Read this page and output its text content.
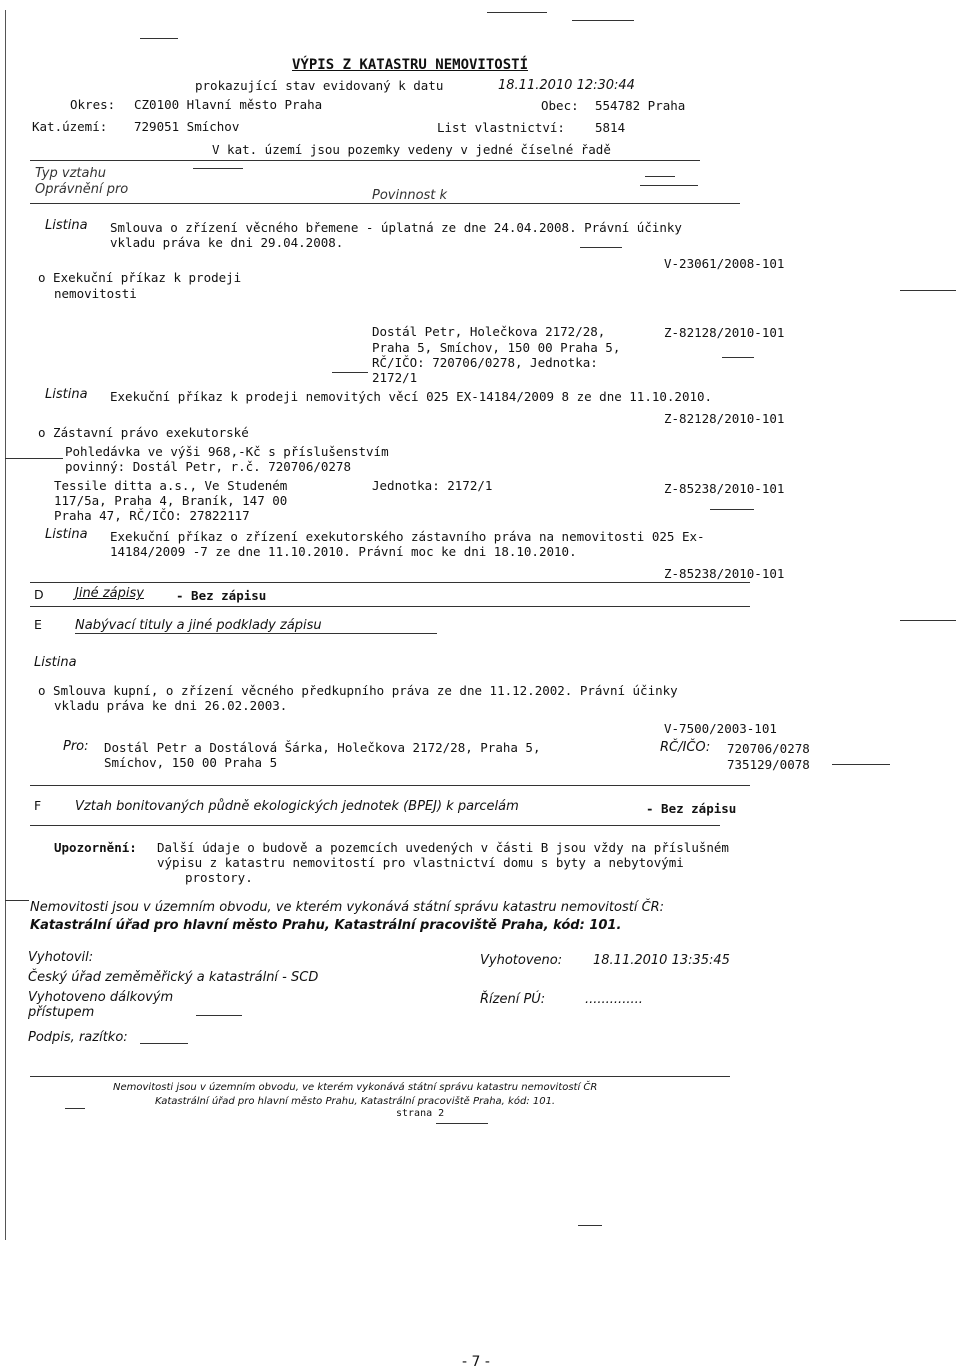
VÝPIS Z KATASTRU NEMOVITOSTÍ
prokazující stav evidovaný k datu	18.11.2010 12:30:44
Okres: CZ0100 Hlavní město Praha	Obec: 554782 Praha
Kat.území: 729051 Smíchov	List vlastnictví: 5814
V kat. území jsou pozemky vedeny v jedné číselné řadě
Typ vztahu
Oprávnění pro	Povinnost k
Listina Smlouva o zřízení věcného břemene - úplatná ze dne 24.04.2008. Právní účinky
vkladu práva ke dni 29.04.2008.
V-23061/2008-101
o Exekuční příkaz k prodeji
nemovitosti
Dostál Petr, Holečkova 2172/28,	Z-82128/2010-101
Praha 5, Smíchov, 150 00 Praha 5,
RČ/IČO: 720706/0278, Jednotka:
2172/1
Listina Exekuční příkaz k prodeji nemovitých věcí 025 EX-14184/2009 8 ze dne 11.10.2010.
Z-82128/2010-101
o Zástavní právo exekutorské
Pohledávka ve výši 968,-Kč s příslušenstvím
povinný: Dostál Petr, r.č. 720706/0278
Tessile ditta a.s., Ve Studeném	Jednotka: 2172/1	Z-85238/2010-101
117/5a, Praha 4, Braník, 147 00
Praha 47, RČ/IČO: 27822117
Listina Exekuční příkaz o zřízení exekutorského zástavního práva na nemovitosti 025 Ex-
14184/2009 -7 ze dne 11.10.2010. Právní moc ke dni 18.10.2010.
Z-85238/2010-101
D Jiné zápisy	- Bez zápisu
E	Nabývací tituly a jiné podklady zápisu
Listina
o Smlouva kupní, o zřízení věcného předkupního práva ze dne 11.12.2002. Právní účinky
vkladu práva ke dni 26.02.2003.
V-7500/2003-101
Pro: Dostál Petr a Dostálová Šárka, Holečkova 2172/28, Praha 5,	RČ/IČO: 720706/0278
Smíchov, 150 00 Praha 5	735129/0078
F	Vztah bonitovaných půdně ekologických jednotek (BPEJ) k parcelám	- Bez zápisu
Upozornění: Další údaje o budově a pozemcích uvedených v části B jsou vždy na příslušném
výpisu z katastru nemovitostí pro vlastnictví domu s byty a nebytovými
prostory.
Nemovitosti jsou v územním obvodu, ve kterém vykonává státní správu katastru nemovitostí ČR:
Katastrální úřad pro hlavní město Prahu, Katastrální pracoviště Praha, kód: 101.
Vyhotovil:	Vyhotoveno: 18.11.2010 13:35:45
Český úřad zeměměřický a katastrální - SCD
Vyhotoveno dálkovým	Řízení PÚ:	..............
přístupem
Podpis, razítko:
Nemovitosti jsou v územním obvodu, ve kterém vykonává státní správu katastru nemovitostí ČR
Katastrální úřad pro hlavní město Prahu, Katastrální pracoviště Praha, kód: 101.
strana 2
- 7 -
